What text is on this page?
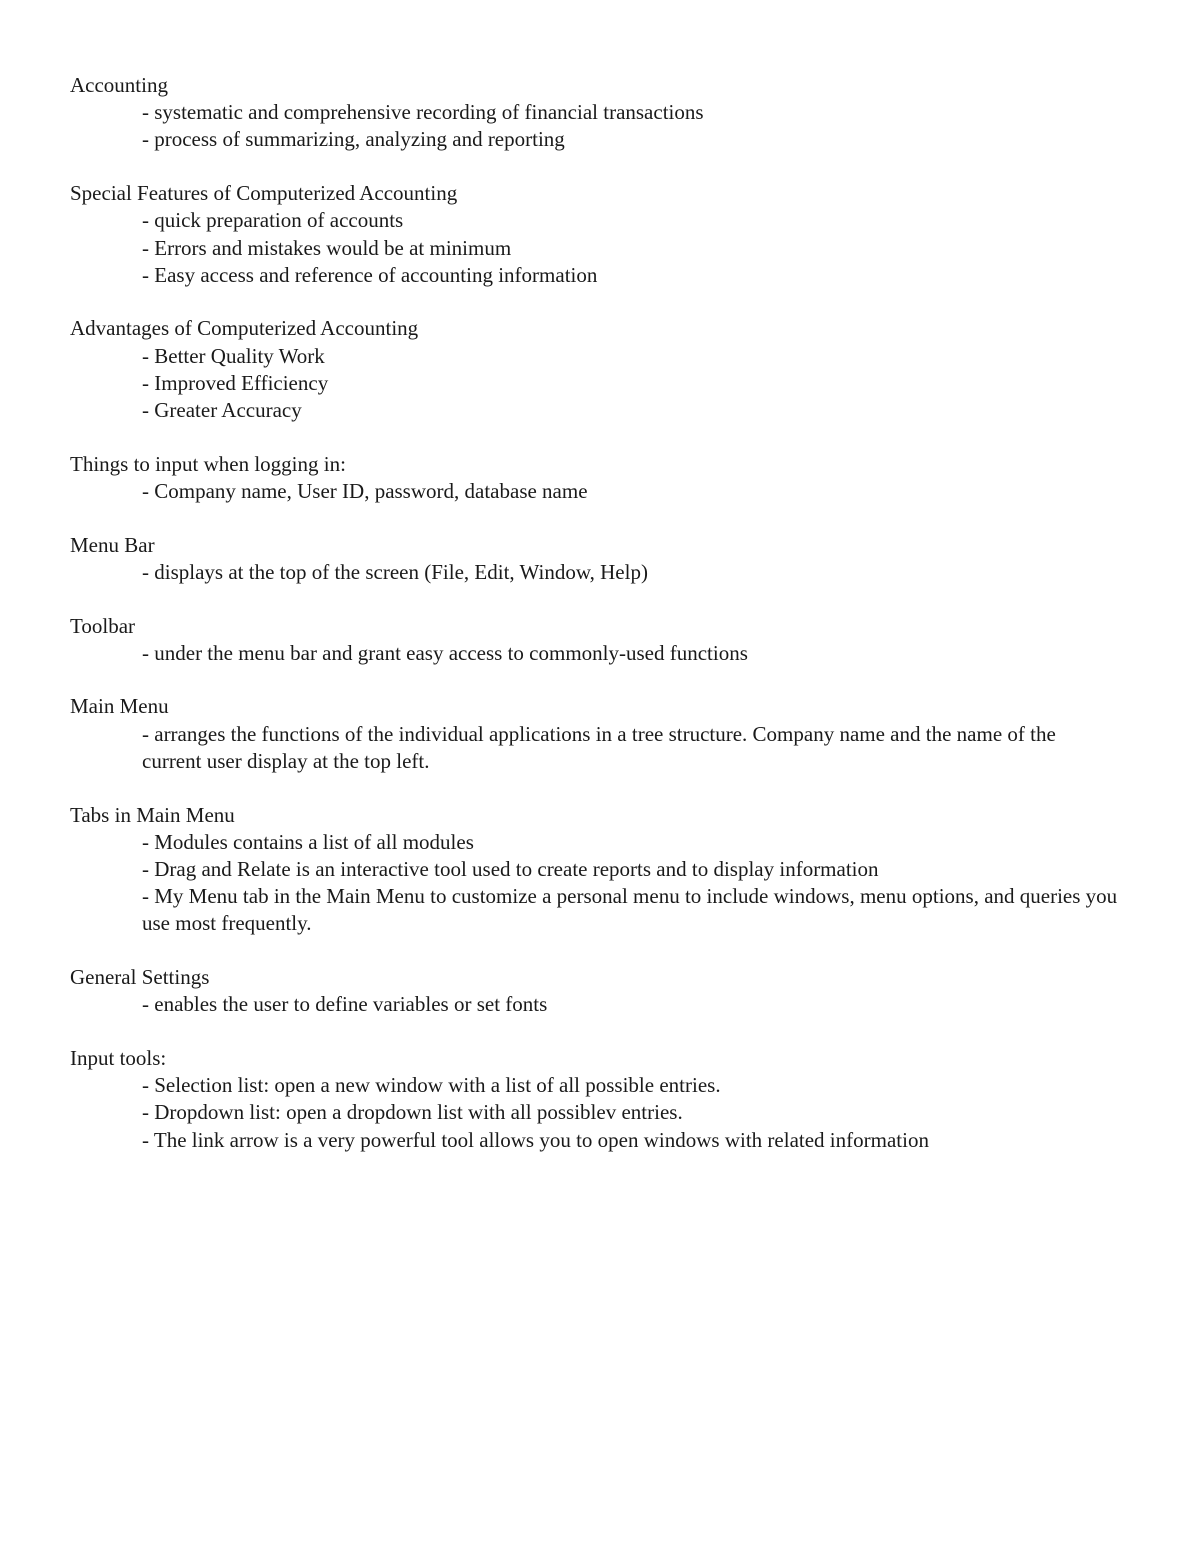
Accounting
- systematic and comprehensive recording of financial transactions
- process of summarizing, analyzing and reporting
Special Features of Computerized Accounting
- quick preparation of accounts
- Errors and mistakes would be at minimum
- Easy access and reference of accounting information
Advantages of Computerized Accounting
- Better Quality Work
- Improved Efficiency
- Greater Accuracy
Things to input when logging in:
- Company name, User ID, password, database name
Menu Bar
- displays at the top of the screen (File, Edit, Window, Help)
Toolbar
- under the menu bar and grant easy access to commonly-used functions
Main Menu
- arranges the functions of the individual applications in a tree structure. Company name and the name of the   current user display at the top left.
Tabs in Main Menu
- Modules contains a list of all modules
- Drag and Relate is an interactive tool used to create reports and to display information
- My Menu tab in the Main Menu to customize a personal menu to include windows, menu options, and queries you use most frequently.
General Settings
- enables the user to define variables or set fonts
Input tools:
- Selection list: open a new window with a list of all possible entries.
- Dropdown list: open a dropdown list with all possiblev entries.
- The link arrow is a very powerful tool allows you to open windows with related information
